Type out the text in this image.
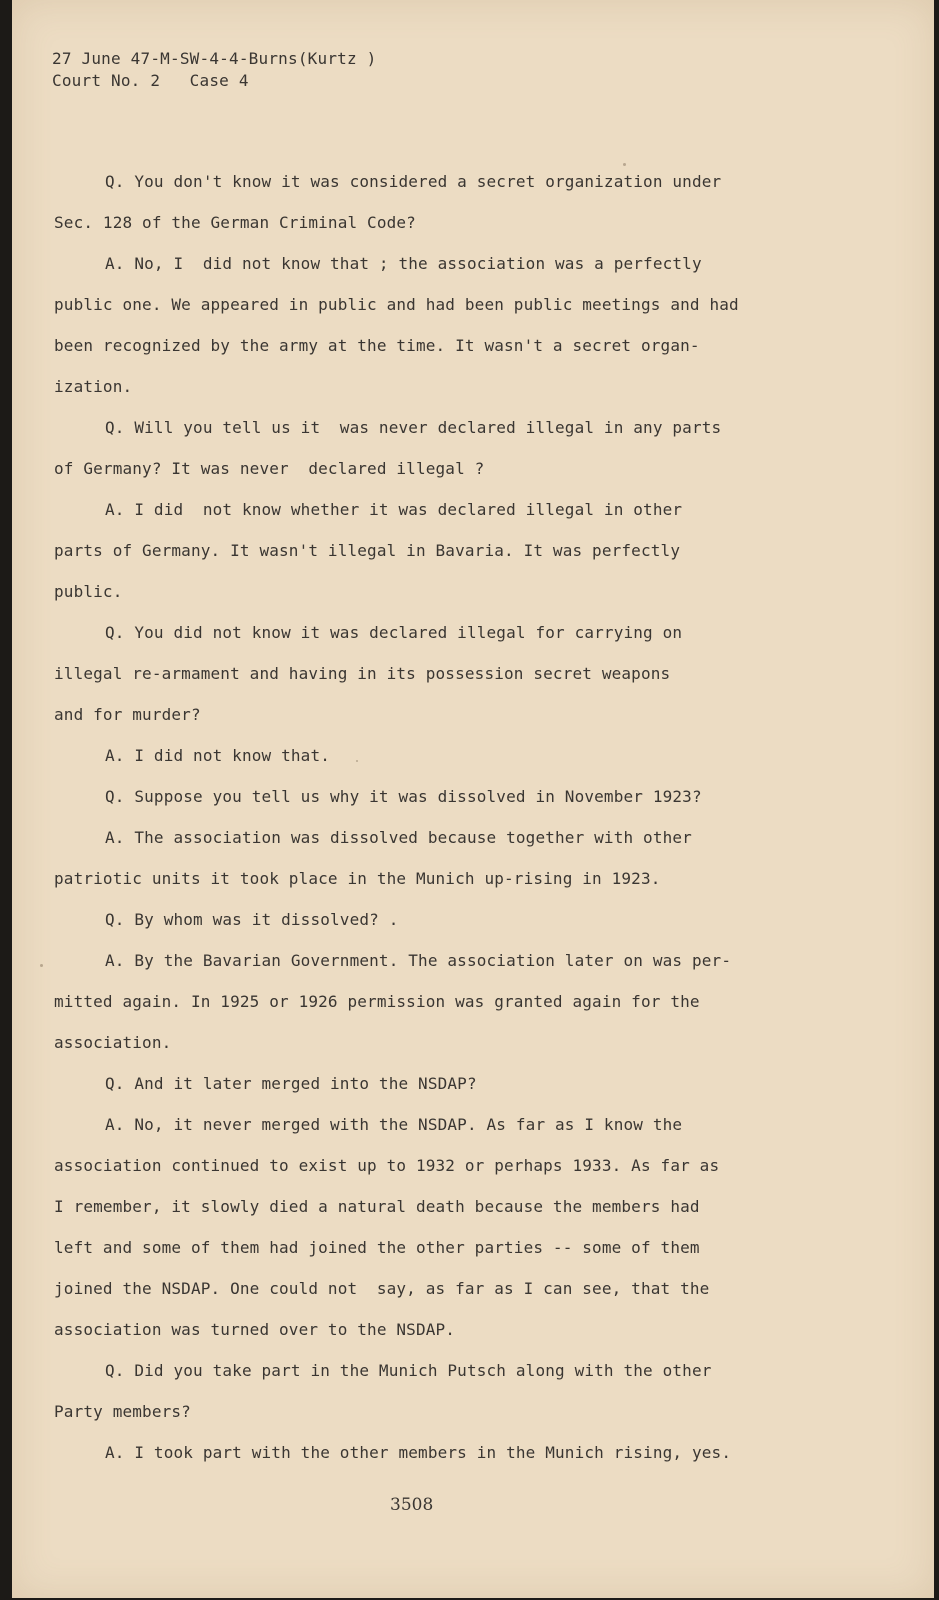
27 June 47-M-SW-4-4-Burns(Kurtz )
Court No. 2   Case 4
Q. You don't know it was considered a secret organization under
Sec. 128 of the German Criminal Code?
A. No, I  did not know that ; the association was a perfectly
public one. We appeared in public and had been public meetings and had
been recognized by the army at the time. It wasn't a secret organ-
ization.
Q. Will you tell us it  was never declared illegal in any parts
of Germany? It was never  declared illegal ?
A. I did  not know whether it was declared illegal in other
parts of Germany. It wasn't illegal in Bavaria. It was perfectly
public.
Q. You did not know it was declared illegal for carrying on
illegal re-armament and having in its possession secret weapons
and for murder?
A. I did not know that.
Q. Suppose you tell us why it was dissolved in November 1923?
A. The association was dissolved because together with other
patriotic units it took place in the Munich up-rising in 1923.
Q. By whom was it dissolved? .
A. By the Bavarian Government. The association later on was per-
mitted again. In 1925 or 1926 permission was granted again for the
association.
Q. And it later merged into the NSDAP?
A. No, it never merged with the NSDAP. As far as I know the
association continued to exist up to 1932 or perhaps 1933. As far as
I remember, it slowly died a natural death because the members had
left and some of them had joined the other parties -- some of them
joined the NSDAP. One could not  say, as far as I can see, that the
association was turned over to the NSDAP.
Q. Did you take part in the Munich Putsch along with the other
Party members?
A. I took part with the other members in the Munich rising, yes.
3508
